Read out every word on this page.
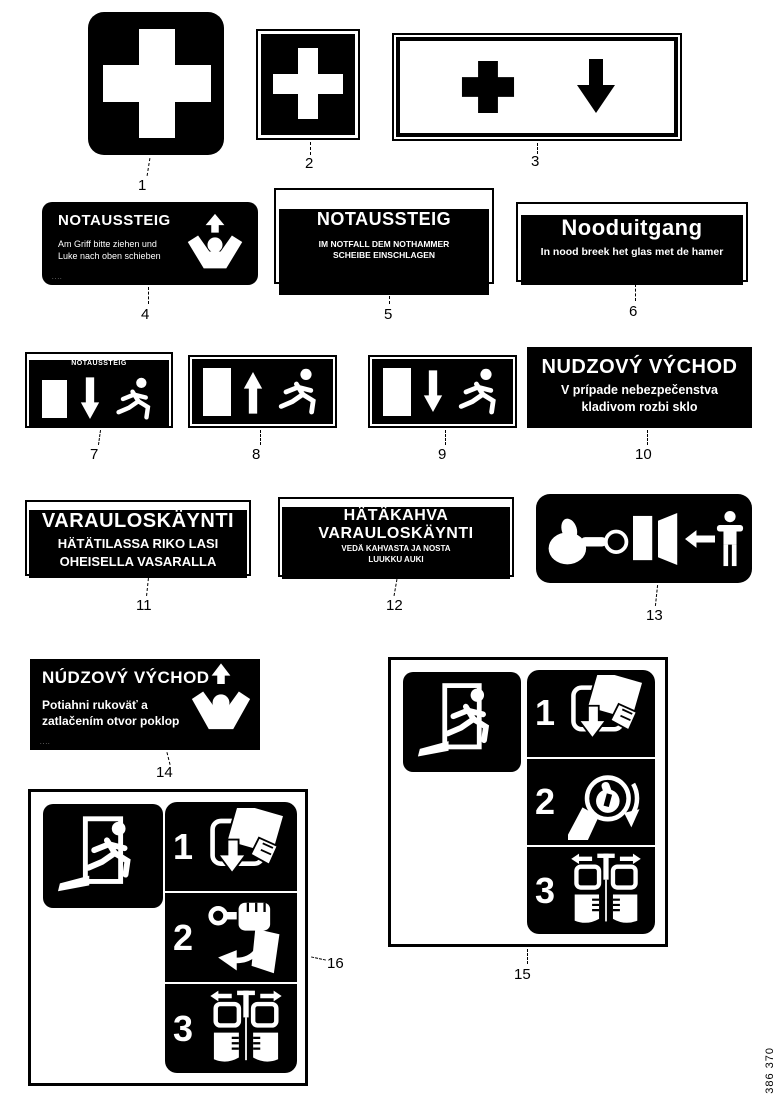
1
2	3
NOTAUSSTEIG
Am Griff bitte ziehen und
Luke nach oben schieben
····
4
NOTAUSSTEIG
IM NOTFALL DEM NOTHAMMER
SCHEIBE EINSCHLAGEN
5
Nooduitgang
In nood breek het glas met de hamer
6
NOTAUSSTEIG
7	8	9
NUDZOVÝ VÝCHOD
V prípade nebezpečenstva
kladivom rozbi sklo
10
VARAULOSKÄYNTI
HÄTÄTILASSA RIKO LASI
OHEISELLA VASARALLA
11
HÄTÄKAHVA
VARAULOSKÄYNTI
VEDÄ KAHVASTA JA NOSTA
LUUKKU AUKI
12
13
NÚDZOVÝ VÝCHOD
Potiahni rukoväť a
zatlačením otvor poklop
····
14
1
2
3
15
1
2
3
16
386 370
